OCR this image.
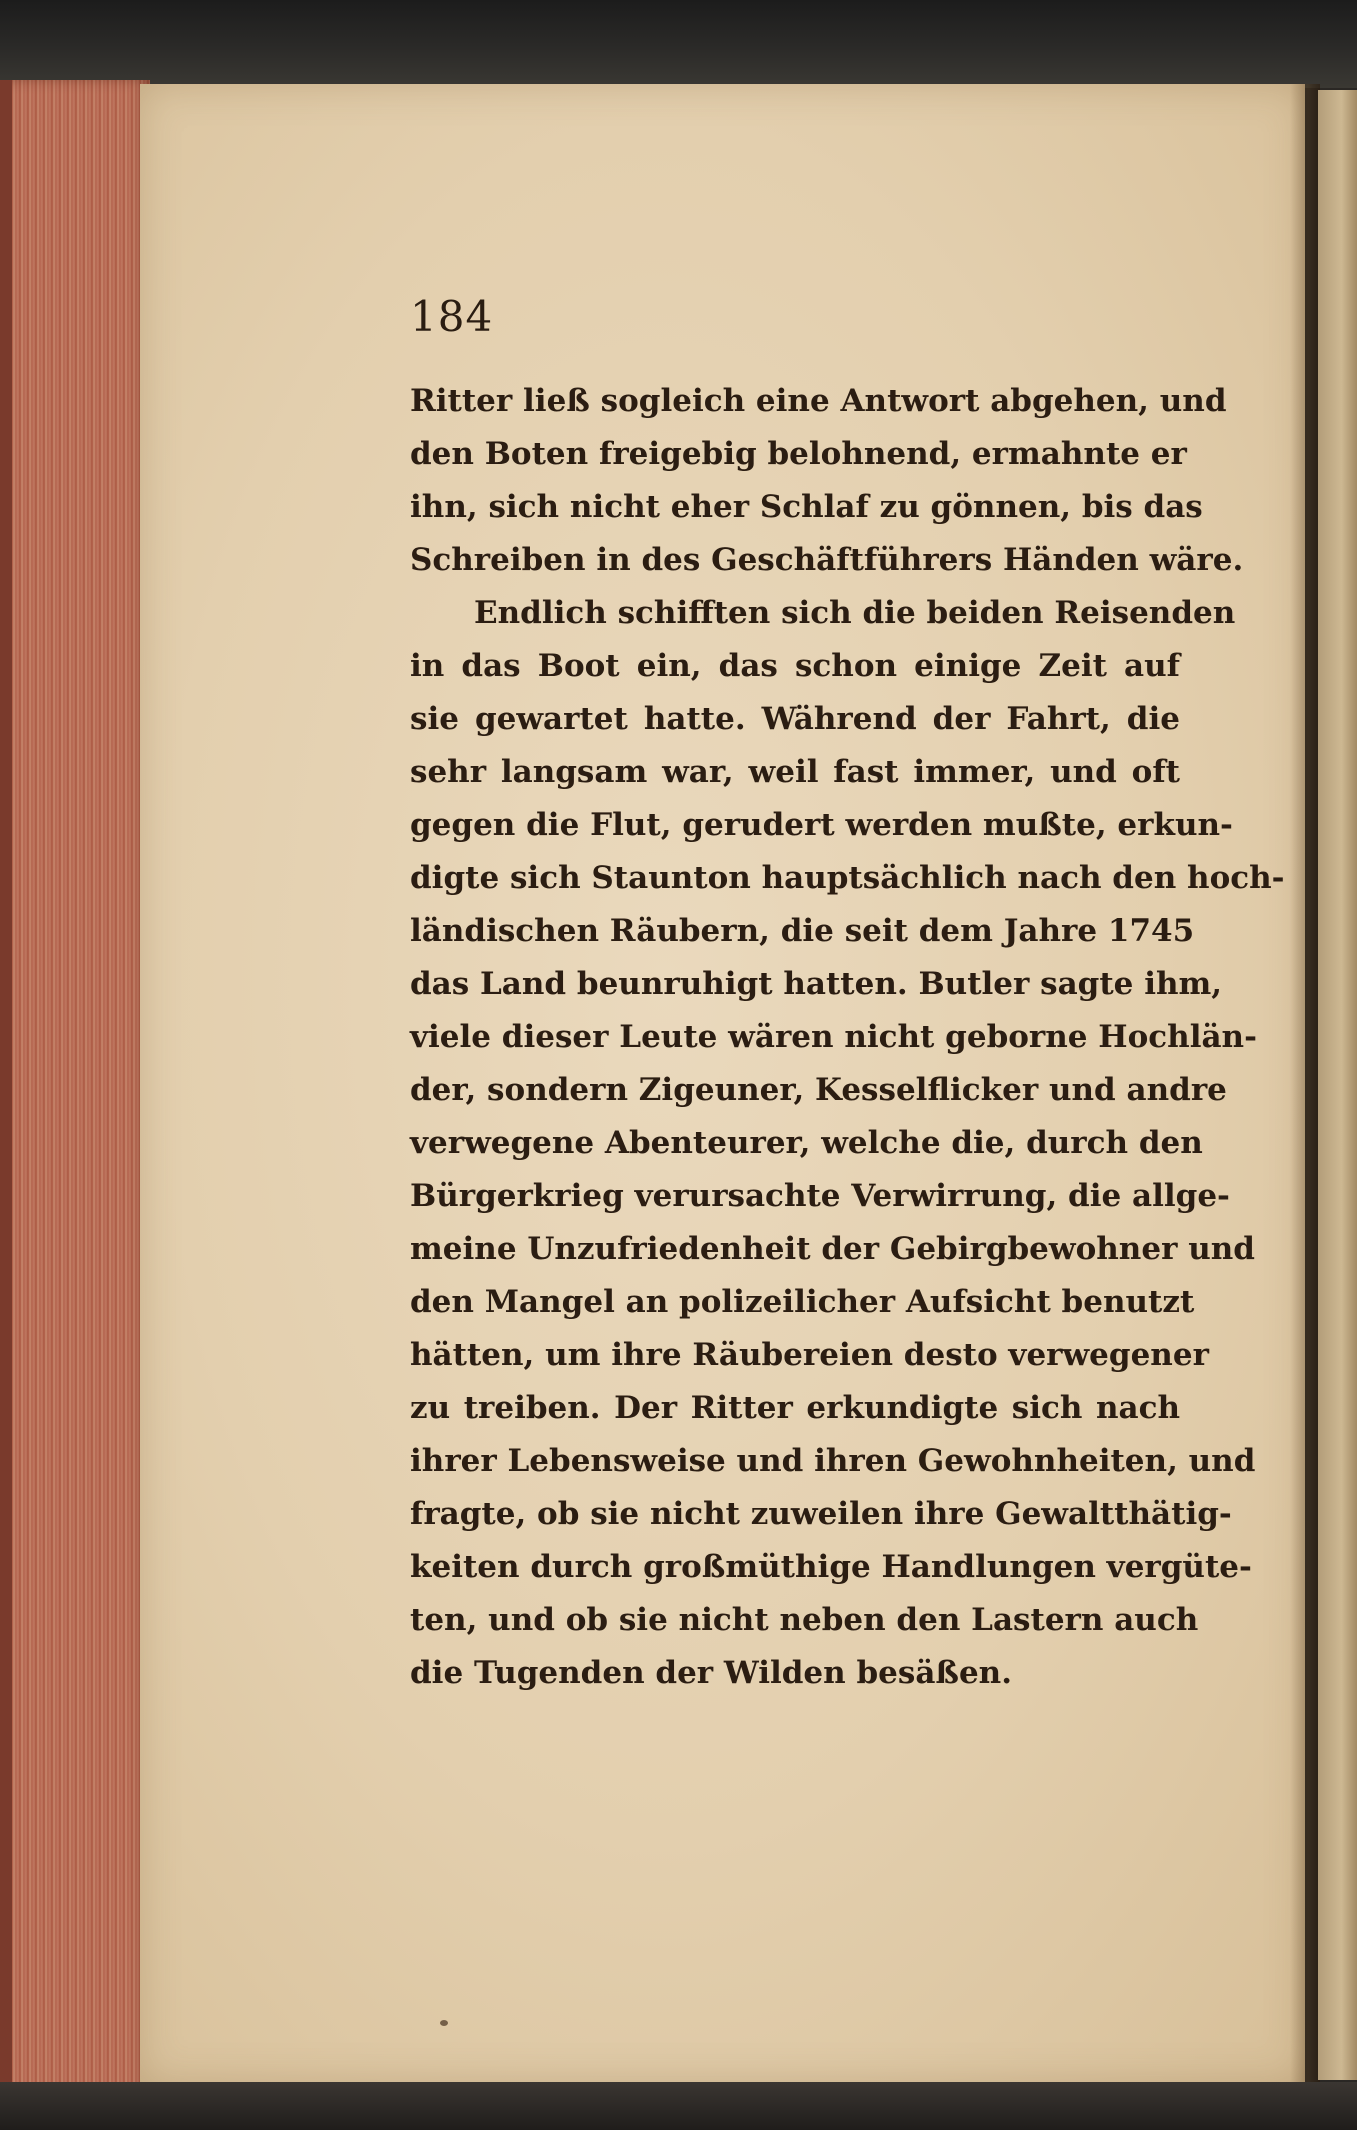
184
Ritter ließ sogleich eine Antwort abgehen, und
den Boten freigebig belohnend, ermahnte er
ihn, sich nicht eher Schlaf zu gönnen, bis das
Schreiben in des Geschäftführers Händen wäre.
Endlich schifften sich die beiden Reisenden
in das Boot ein, das schon einige Zeit auf
sie gewartet hatte. Während der Fahrt, die
sehr langsam war, weil fast immer, und oft
gegen die Flut, gerudert werden mußte, erkun-
digte sich Staunton hauptsächlich nach den hoch-
ländischen Räubern, die seit dem Jahre 1745
das Land beunruhigt hatten. Butler sagte ihm,
viele dieser Leute wären nicht geborne Hochlän-
der, sondern Zigeuner, Kesselflicker und andre
verwegene Abenteurer, welche die, durch den
Bürgerkrieg verursachte Verwirrung, die allge-
meine Unzufriedenheit der Gebirgbewohner und
den Mangel an polizeilicher Aufsicht benutzt
hätten, um ihre Räubereien desto verwegener
zu treiben. Der Ritter erkundigte sich nach
ihrer Lebensweise und ihren Gewohnheiten, und
fragte, ob sie nicht zuweilen ihre Gewaltthätig-
keiten durch großmüthige Handlungen vergüte-
ten, und ob sie nicht neben den Lastern auch
die Tugenden der Wilden besäßen.
